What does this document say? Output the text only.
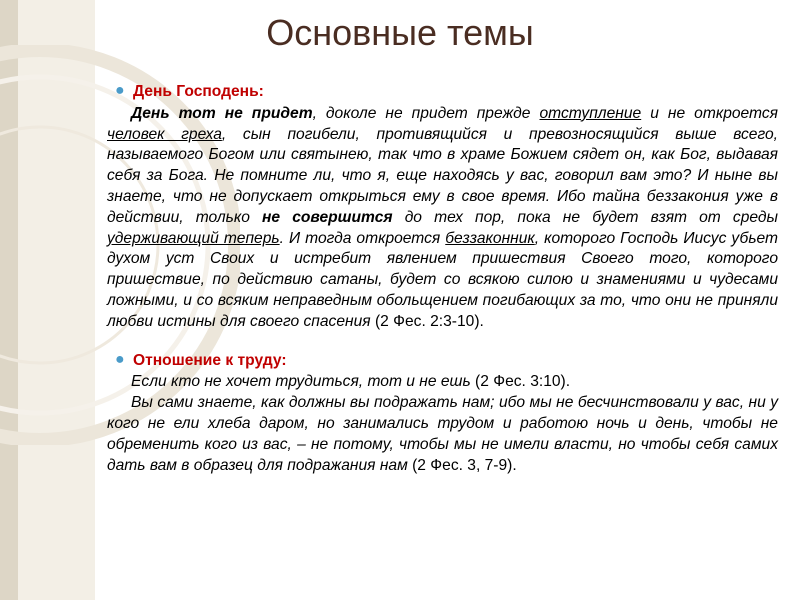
Основные темы
● День Господень:

День тот не придет, доколе не придет прежде отступление и не откроется человек греха, сын погибели, противящийся и превозносящийся выше всего, называемого Богом или святынею, так что в храме Божием сядет он, как Бог, выдавая себя за Бога. Не помните ли, что я, еще находясь у вас, говорил вам это? И ныне вы знаете, что не допускает открыться ему в свое время. Ибо тайна беззакония уже в действии, только не совершится до тех пор, пока не будет взят от среды удерживающий теперь. И тогда откроется беззаконник, которого Господь Иисус убьет духом уст Своих и истребит явлением пришествия Своего того, которого пришествие, по действию сатаны, будет со всякою силою и знамениями и чудесами ложными, и со всяким неправедным обольщением погибающих за то, что они не приняли любви истины для своего спасения (2 Фес. 2:3-10).

● Отношение к труду:

Если кто не хочет трудиться, тот и не ешь (2 Фес. 3:10).

Вы сами знаете, как должны вы подражать нам; ибо мы не бесчинствовали у вас, ни у кого не ели хлеба даром, но занимались трудом и работою ночь и день, чтобы не обременить кого из вас, – не потому, чтобы мы не имели власти, но чтобы себя самих дать вам в образец для подражания нам (2 Фес. 3, 7-9).
